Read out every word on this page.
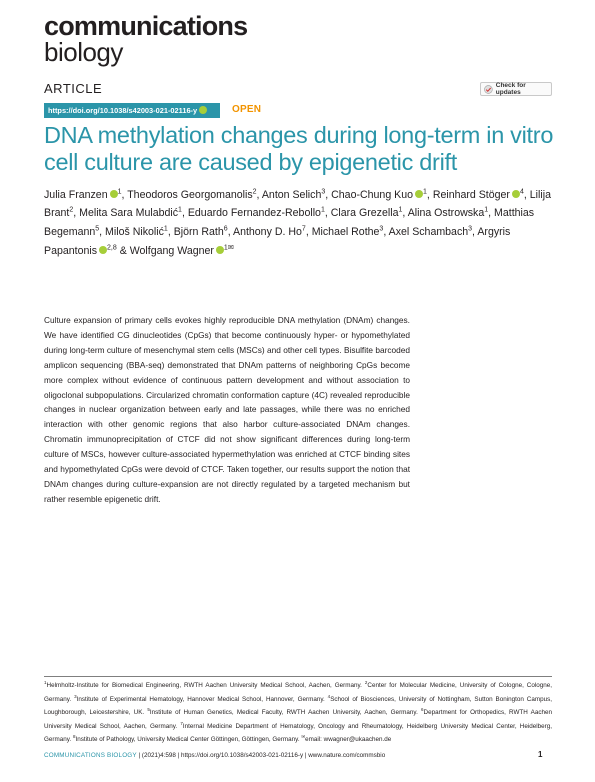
communications
biology
ARTICLE	Check for updates
https://doi.org/10.1038/s42003-021-02116-y	OPEN
DNA methylation changes during long-term in vitro cell culture are caused by epigenetic drift
Julia Franzen $^1$, Theodoros Georgomanolis$^2$, Anton Selich$^3$, Chao-Chung Kuo $^1$, Reinhard Stöger $^4$, Lilija Brant$^2$, Melita Sara Mulabdić$^1$, Eduardo Fernandez-Rebollo$^1$, Clara Grezella$^1$, Alina Ostrowska$^1$, Matthias Begemann$^5$, Miloš Nikolić$^1$, Björn Rath$^6$, Anthony D. Ho$^7$, Michael Rothe$^3$, Axel Schambach$^3$, Argyris Papantonis $^{2,8}$ & Wolfgang Wagner $^{1✉}$

Culture expansion of primary cells evokes highly reproducible DNA methylation (DNAm) changes. We have identified CG dinucleotides (CpGs) that become continuously hyper- or hypomethylated during long-term culture of mesenchymal stem cells (MSCs) and other cell types. Bisulfite barcoded amplicon sequencing (BBA-seq) demonstrated that DNAm patterns of neighboring CpGs become more complex without evidence of continuous pattern development and without association to oligoclonal subpopulations. Circularized chromatin conformation capture (4C) revealed reproducible changes in nuclear organization between early and late passages, while there was no enriched interaction with other genomic regions that also harbor culture-associated DNAm changes. Chromatin immunoprecipitation of CTCF did not show significant differences during long-term culture of MSCs, however culture-associated hypermethylation was enriched at CTCF binding sites and hypomethylated CpGs were devoid of CTCF. Taken together, our results support the notion that DNAm changes during culture-expansion are not directly regulated by a targeted mechanism but rather resemble epigenetic drift.

$^1$Helmholtz-Institute for Biomedical Engineering, RWTH Aachen University Medical School, Aachen, Germany. $^2$Center for Molecular Medicine, University of Cologne, Cologne, Germany. $^3$Institute of Experimental Hematology, Hannover Medical School, Hannover, Germany. $^4$School of Biosciences, University of Nottingham, Sutton Bonington Campus, Loughborough, Leicestershire, UK. $^5$Institute of Human Genetics, Medical Faculty, RWTH Aachen University, Aachen, Germany. $^6$Department for Orthopedics, RWTH Aachen University Medical School, Aachen, Germany. $^7$Internal Medicine Department of Hematology, Oncology and Rheumatology, Heidelberg University Medical Center, Heidelberg, Germany. $^8$Institute of Pathology, University Medical Center Göttingen, Göttingen, Germany. ✉email: wwagner@ukaachen.de
COMMUNICATIONS BIOLOGY | (2021)4:598 | https://doi.org/10.1038/s42003-021-02116-y | www.nature.com/commsbio	1
